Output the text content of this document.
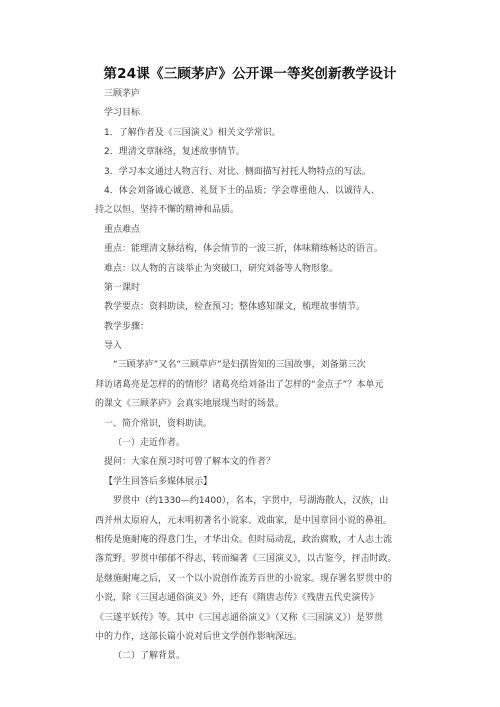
第24课《三顾茅庐》公开课一等奖创新教学设计
三顾茅庐
学习目标
1．了解作者及《三国演义》相关文学常识。
2．理清文章脉络，复述故事情节。
3．学习本文通过人物言行、对比、侧面描写衬托人物特点的写法。
4．体会刘备诚心诚意、礼贤下士的品质；学会尊重他人、以诚待人、
持之以恒、坚持不懈的精神和品质。
重点难点
重点：能理清文脉结构，体会情节的一波三折，体味精练畅达的语言。
难点：以人物的言谈举止为突破口，研究刘备等人物形象。
第一课时
教学要点：资料助读，检查预习；整体感知课文，梳理故事情节。
教学步骤：
导入
“三顾茅庐”又名“三顾草庐”是妇孺皆知的三国故事，刘备第三次
拜访诸葛亮是怎样的的情形？诸葛亮给刘备出了怎样的“金点子”？本单元
的课文《三顾茅庐》会真实地展现当时的场景。
一、简介常识，资料助读。
（一）走近作者。
提问：大家在预习时可曾了解本文的作者？
【学生回答后多媒体展示】
罗贯中（约1330—约1400），名本，字贯中，号湖海散人，汉族，山
西并州太原府人，元末明初著名小说家、戏曲家，是中国章回小说的鼻祖。
相传是施耐庵的得意门生，才华出众。但时局动乱，政治腐败，才人志士流
落荒野。罗贯中郁郁不得志，转而编著《三国演义》，以古鉴今，抨击时政。
是继施耐庵之后，又一个以小说创作流芳百世的小说家。现存署名罗贯中的
小说，除《三国志通俗演义》外，还有《隋唐志传》《残唐五代史演传》
《三遂平妖传》等。其中《三国志通俗演义》（又称《三国演义》）是罗贯
中的力作，这部长篇小说对后世文学创作影响深远。
（二）了解背景。
